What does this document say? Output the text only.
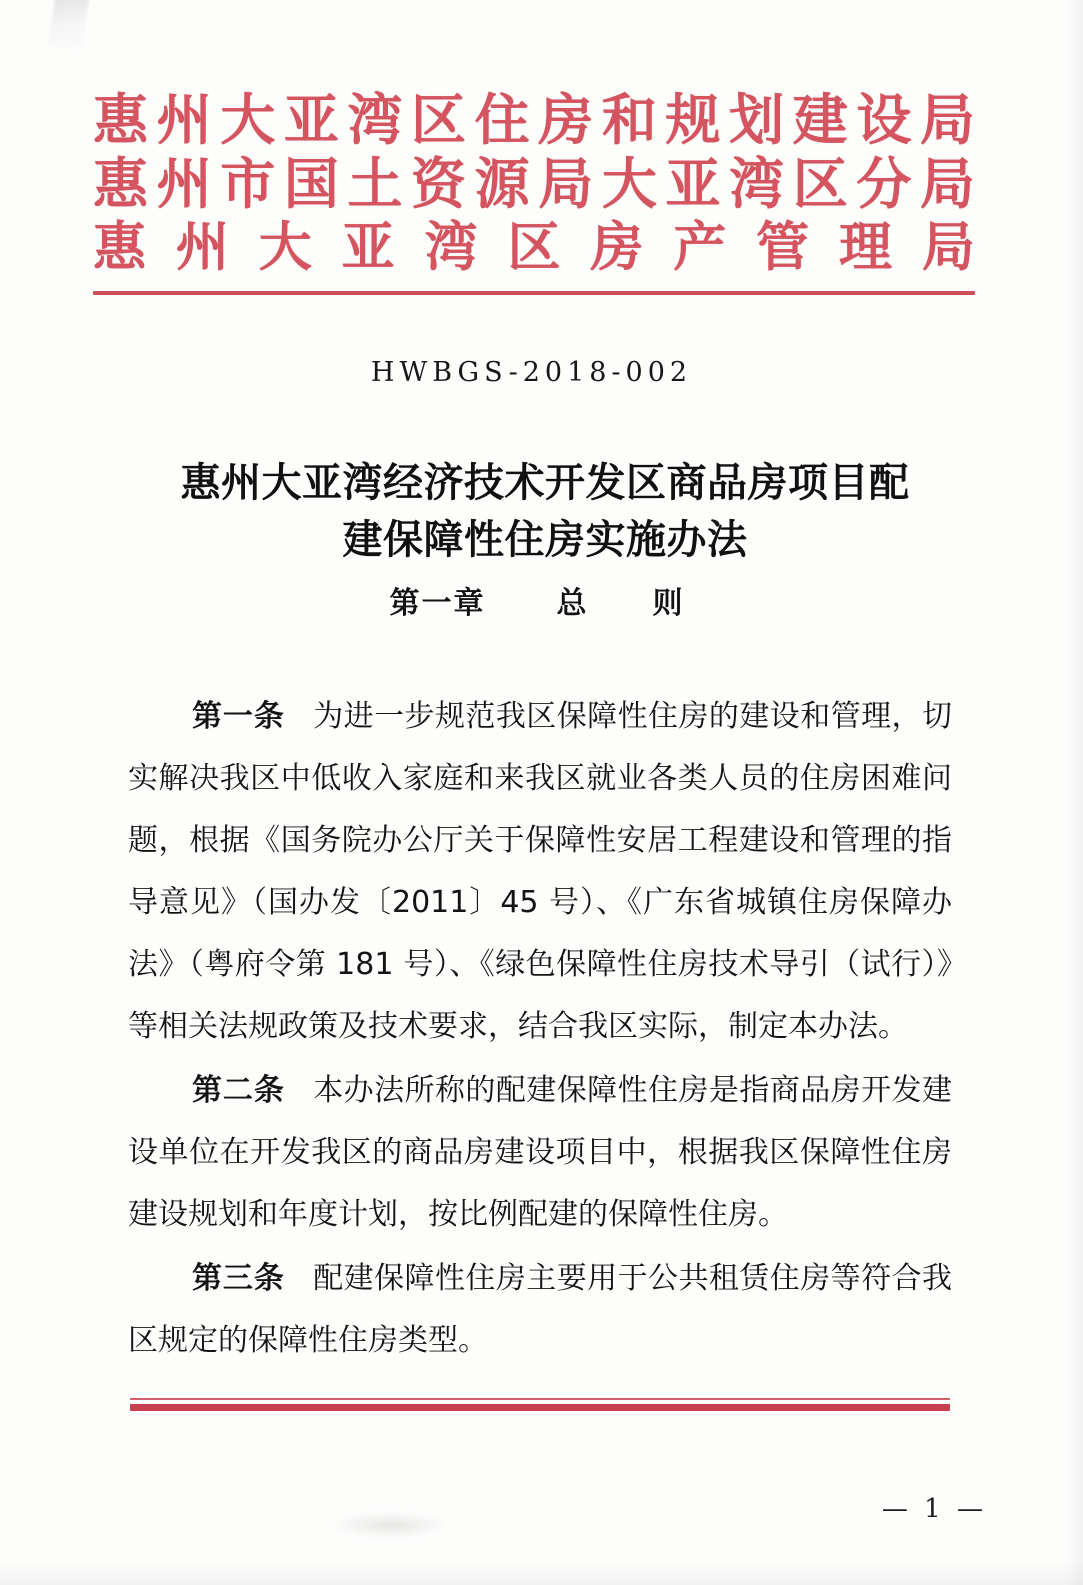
惠 州 大 亚 湾 区 住 房 和 规 划 建 设 局
惠 州 市 国 土 资 源 局 大 亚 湾 区 分 局
惠 州 大 亚 湾 区 房 产 管 理 局
HWBGS-2018-002
惠州大亚湾经济技术开发区商品房项目配
建保障性住房实施办法
第一章 总　则

第一条 为进一步规范我区保障性住房的建设和管理，切实解决我区中低收入家庭和来我区就业各类人员的住房困难问题，根据《国务院办公厅关于保障性安居工程建设和管理的指导意见》（国办发〔2011〕45 号）、《广东省城镇住房保障办法》（粤府令第 181 号）、《绿色保障性住房技术导引（试行）》等相关法规政策及技术要求，结合我区实际，制定本办法。

第二条 本办法所称的配建保障性住房是指商品房开发建设单位在开发我区的商品房建设项目中，根据我区保障性住房建设规划和年度计划，按比例配建的保障性住房。

第三条 配建保障性住房主要用于公共租赁住房等符合我区规定的保障性住房类型。

— 1 —
